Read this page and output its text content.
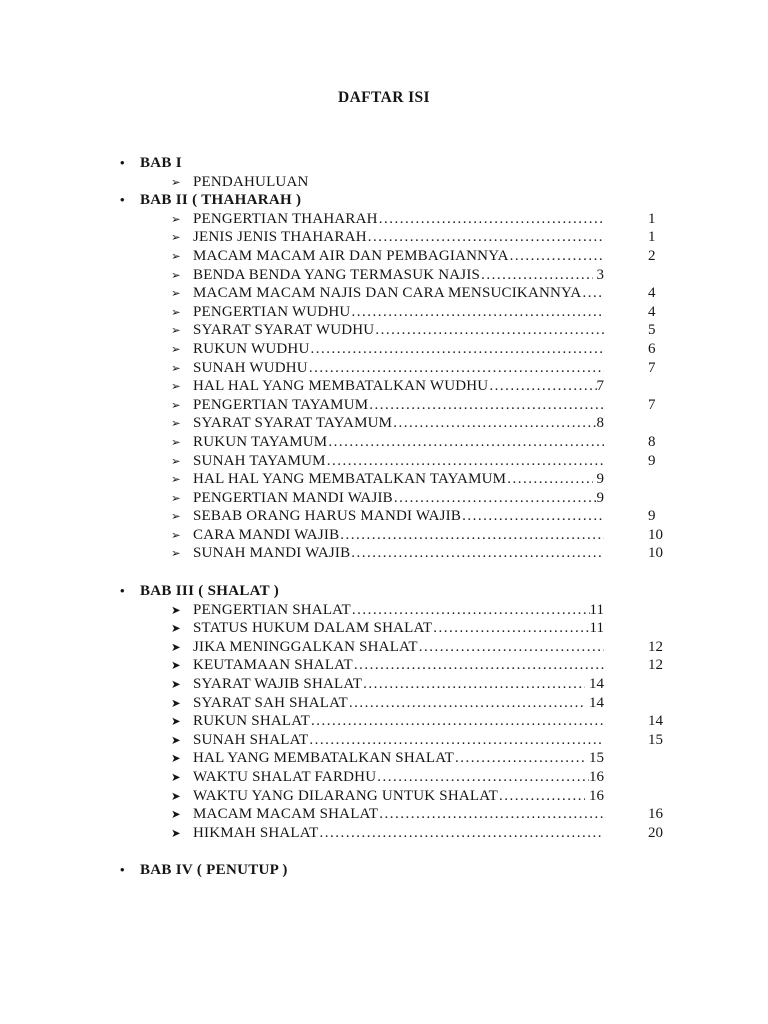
DAFTAR ISI
•	BAB I
➢ PENDAHULUAN
•	BAB II ( THAHARAH )
➢ PENGERTIAN THAHARAH .....	1
➢ JENIS JENIS THAHARAH .....	1
➢ MACAM MACAM AIR DAN PEMBAGIANNYA .....	2
➢ BENDA BENDA YANG TERMASUK NAJIS .....	3
➢ MACAM MACAM NAJIS DAN CARA MENSUCIKANNYA .....	4
➢ PENGERTIAN WUDHU .....	4
➢ SYARAT SYARAT WUDHU .....	5
➢ RUKUN WUDHU .....	6
➢ SUNAH WUDHU .....	7
➢ HAL HAL YANG MEMBATALKAN WUDHU .....	7
➢ PENGERTIAN TAYAMUM .....	7
➢ SYARAT SYARAT TAYAMUM .....	8
➢ RUKUN TAYAMUM .....	8
➢ SUNAH TAYAMUM .....	9
➢ HAL HAL YANG MEMBATALKAN TAYAMUM .....	9
➢ PENGERTIAN MANDI WAJIB .....	9
➢ SEBAB ORANG HARUS MANDI WAJIB .....	9
➢ CARA MANDI WAJIB .....	10
➢ SUNAH MANDI WAJIB .....	10
•	BAB III ( SHALAT )
➤ PENGERTIAN SHALAT .....	11
➤ STATUS HUKUM DALAM SHALAT .....	11
➤ JIKA MENINGGALKAN SHALAT .....	12
➤ KEUTAMAAN SHALAT .....	12
➤ SYARAT WAJIB SHALAT .....	14
➤ SYARAT SAH SHALAT .....	14
➤ RUKUN SHALAT .....	14
➤ SUNAH SHALAT .....	15
➤ HAL YANG MEMBATALKAN SHALAT .....	15
➤ WAKTU SHALAT FARDHU .....	16
➤ WAKTU YANG DILARANG UNTUK SHALAT .....	16
➤ MACAM MACAM SHALAT .....	16
➤ HIKMAH SHALAT .....	20
•	BAB IV ( PENUTUP )
